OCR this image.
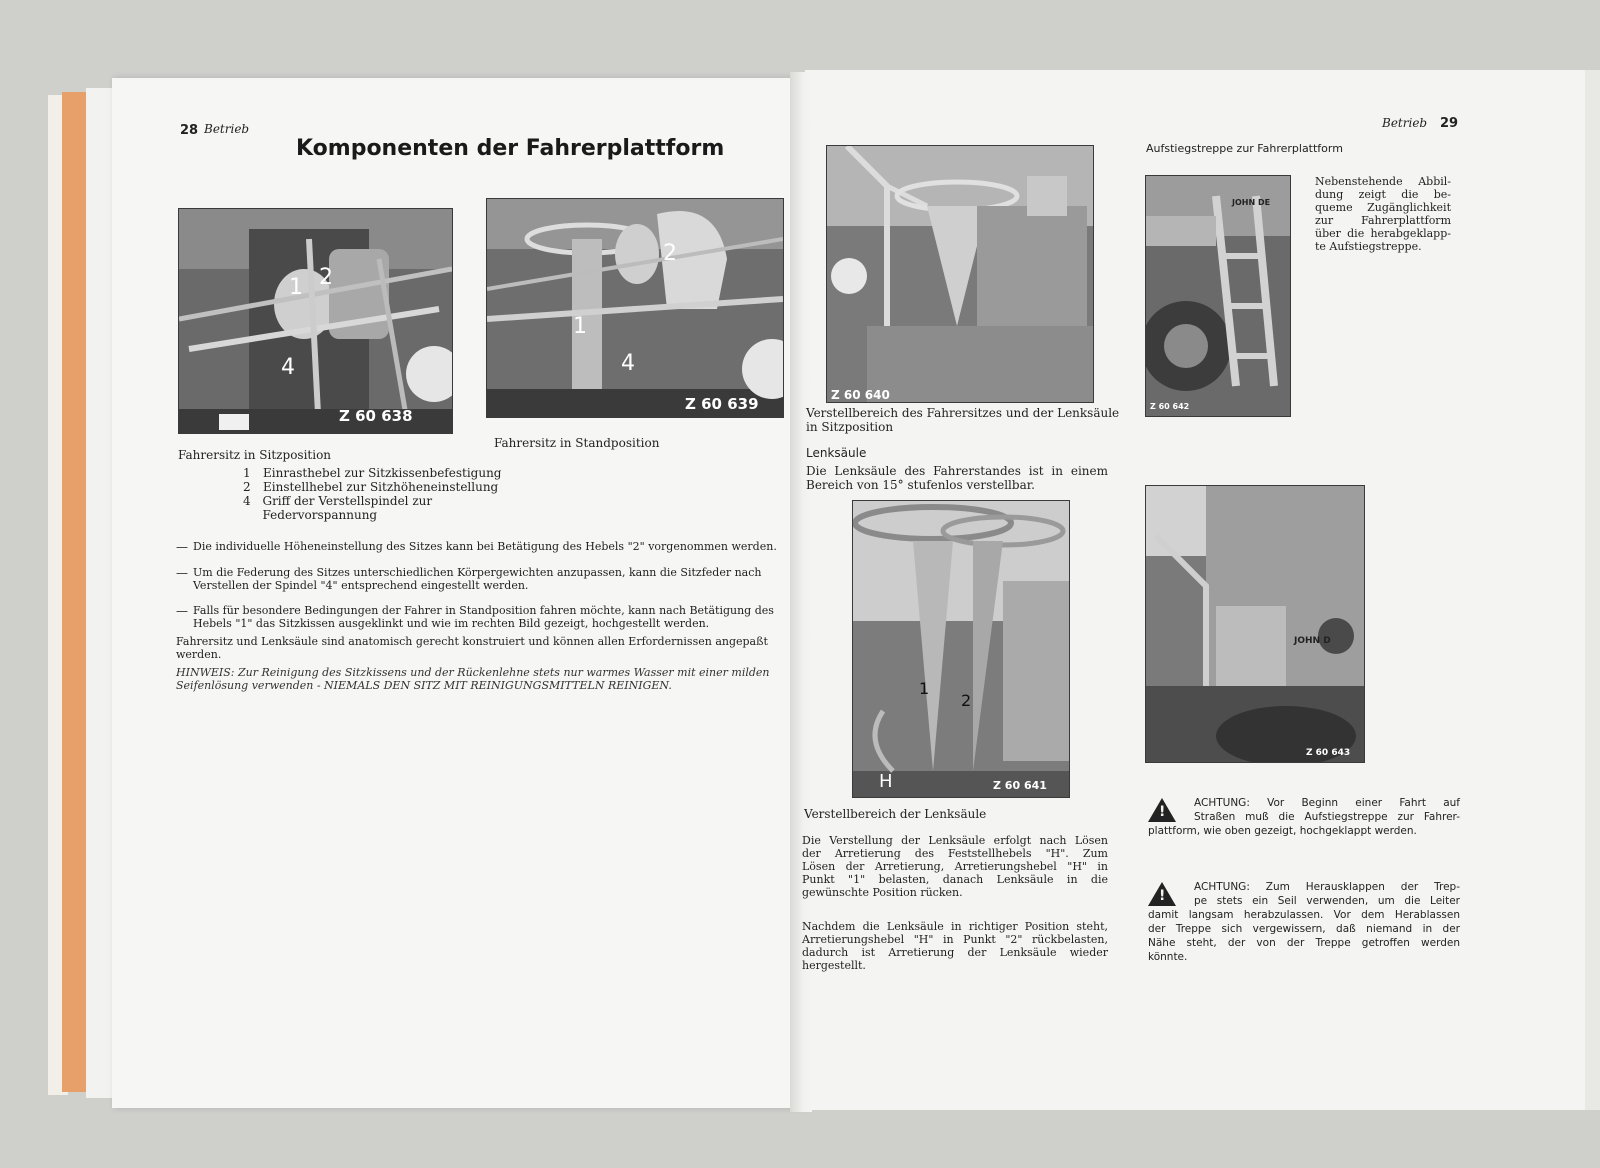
28 Betrieb
Komponenten der Fahrerplattform
1 2
4
Z 60 638
2
1
4
Z 60 639
Fahrersitz in Sitzposition
Fahrersitz in Standposition
1	Einrasthebel zur Sitzkissenbefestigung
2	Einstellhebel zur Sitzhöheneinstellung
4 Griff der Verstellspindel zur Federvorspannung
— Die individuelle Höheneinstellung des Sitzes kann bei Betätigung des Hebels "2" vorgenommen werden.
— Um die Federung des Sitzes unterschiedlichen Körpergewichten anzupassen, kann die Sitzfeder nach
Verstellen der Spindel "4" entsprechend eingestellt werden.
— Falls für besondere Bedingungen der Fahrer in Standposition fahren möchte, kann nach Betätigung des
Hebels "1" das Sitzkissen ausgeklinkt und wie im rechten Bild gezeigt, hochgestellt werden.
Fahrersitz und Lenksäule sind anatomisch gerecht konstruiert und können allen Erfordernissen angepaßt
werden.
HINWEIS: Zur Reinigung des Sitzkissens und der Rückenlehne stets nur warmes Wasser mit einer milden
Seifenlösung verwenden - NIEMALS DEN SITZ MIT REINIGUNGSMITTELN REINIGEN.
Betrieb 29
Z 60 640
Verstellbereich des Fahrersitzes und der Lenksäule
in Sitzposition
Lenksäule
Die Lenksäule des Fahrerstandes ist in einem
Bereich von 15° stufenlos verstellbar.
1
2
H	Z 60 641
Verstellbereich der Lenksäule
Die Verstellung der Lenksäule erfolgt nach Lösen
der Arretierung des Feststellhebels "H". Zum
Lösen der Arretierung, Arretierungshebel "H" in
Punkt "1" belasten, danach Lenksäule in die
gewünschte Position rücken.
Nachdem die Lenksäule in richtiger Position steht,
Arretierungshebel "H" in Punkt "2" rückbelasten,
dadurch ist Arretierung der Lenksäule wieder
hergestellt.
Aufstiegstreppe zur Fahrerplattform
JOHN DE
Z 60 642
Nebenstehende Abbil-
dung zeigt die be-
queme Zugänglichkeit
zur Fahrerplattform
über die herabgeklapp-
te Aufstiegstreppe.
JOHN D
Z 60 643
!
ACHTUNG: Vor Beginn einer Fahrt auf
Straßen muß die Aufstiegstreppe zur Fahrer-
plattform, wie oben gezeigt, hochgeklappt werden.
!
ACHTUNG: Zum Herausklappen der Trep-
pe stets ein Seil verwenden, um die Leiter
damit langsam herabzulassen. Vor dem Herablassen
der Treppe sich vergewissern, daß niemand in der
Nähe steht, der von der Treppe getroffen werden
könnte.
